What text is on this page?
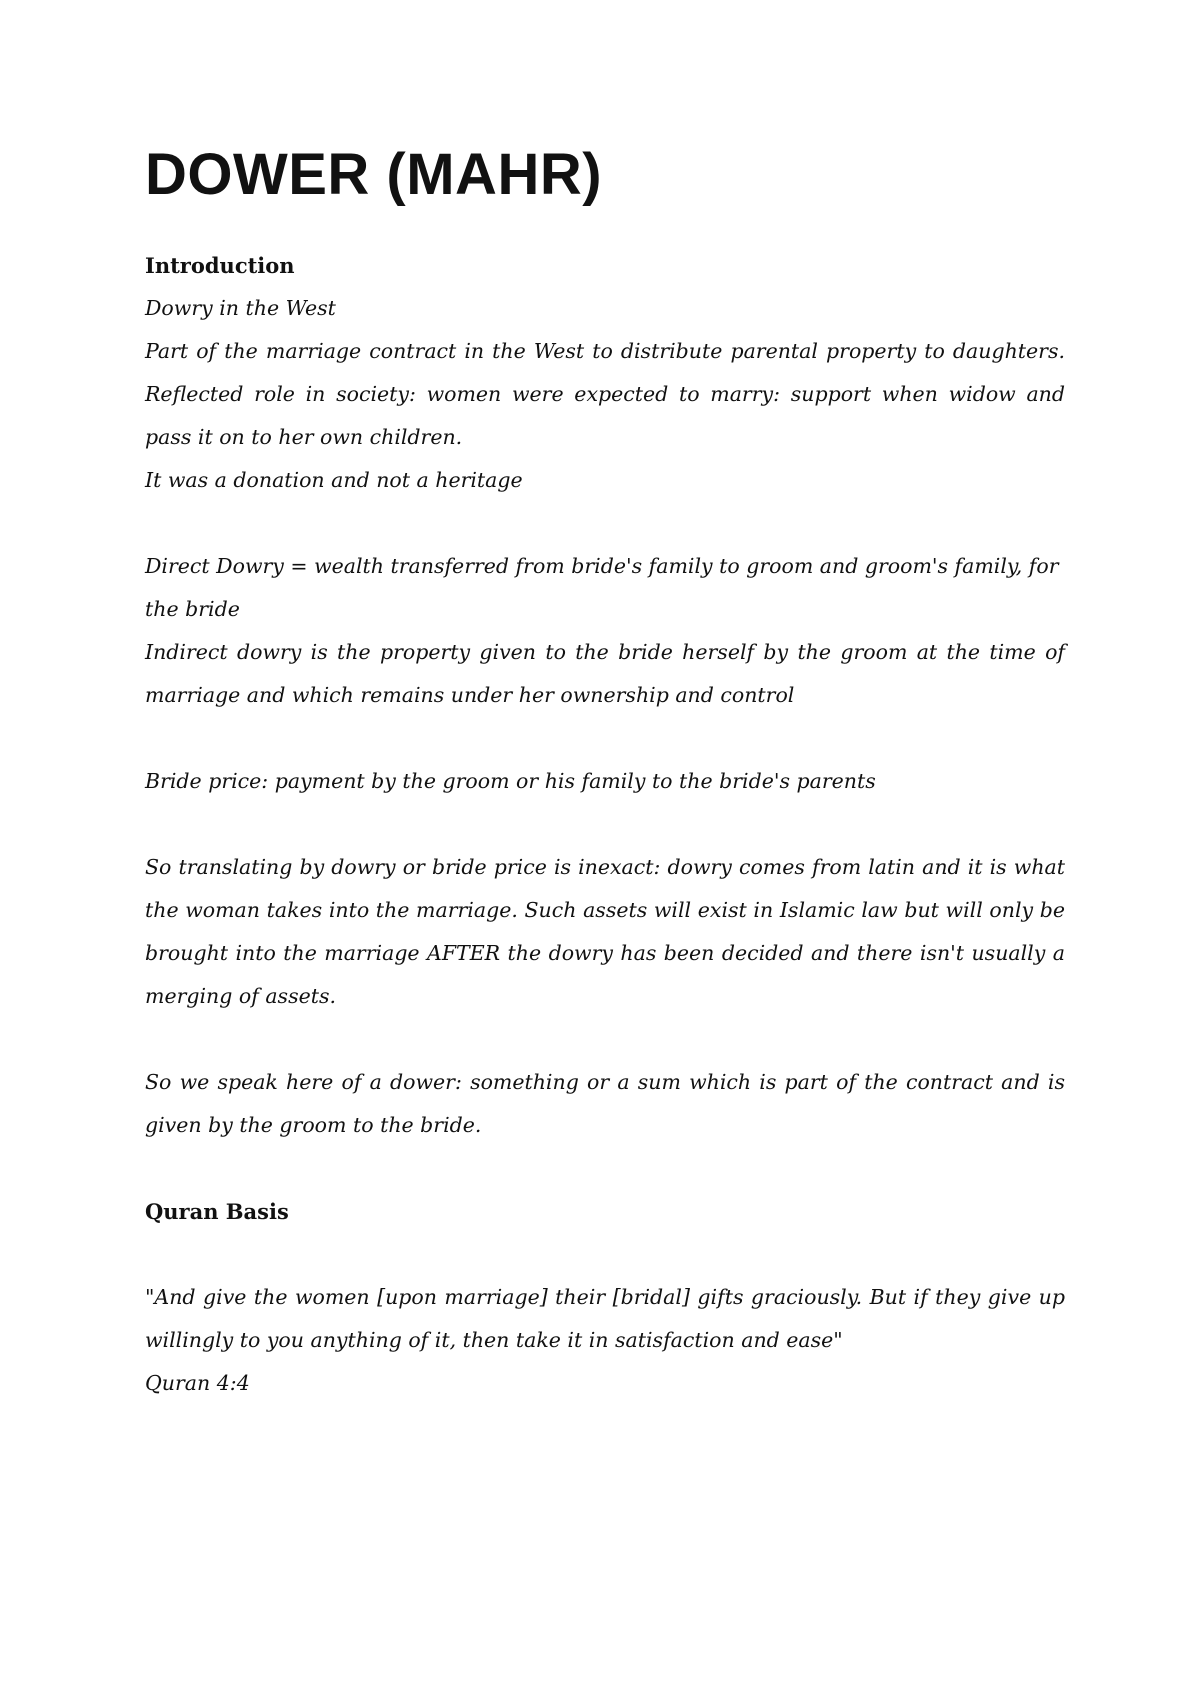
DOWER (MAHR)

Introduction

Dowry in the West

Part of the marriage contract in the West to distribute parental property to daughters. Reflected role in society: women were expected to marry: support when widow and pass it on to her own children.

It was a donation and not a heritage

Direct Dowry = wealth transferred from bride's family to groom and groom's family, for the bride

Indirect dowry is the property given to the bride herself by the groom at the time of marriage and which remains under her ownership and control

Bride price: payment by the groom or his family to the bride's parents

So translating by dowry or bride price is inexact: dowry comes from latin and it is what the woman takes into the marriage. Such assets will exist in Islamic law but will only be brought into the marriage AFTER the dowry has been decided and there isn't usually a merging of assets.

So we speak here of a dower: something or a sum which is part of the contract and is given by the groom to the bride.

Quran Basis

"And give the women [upon marriage] their [bridal] gifts graciously. But if they give up willingly to you anything of it, then take it in satisfaction and ease"

Quran 4:4
